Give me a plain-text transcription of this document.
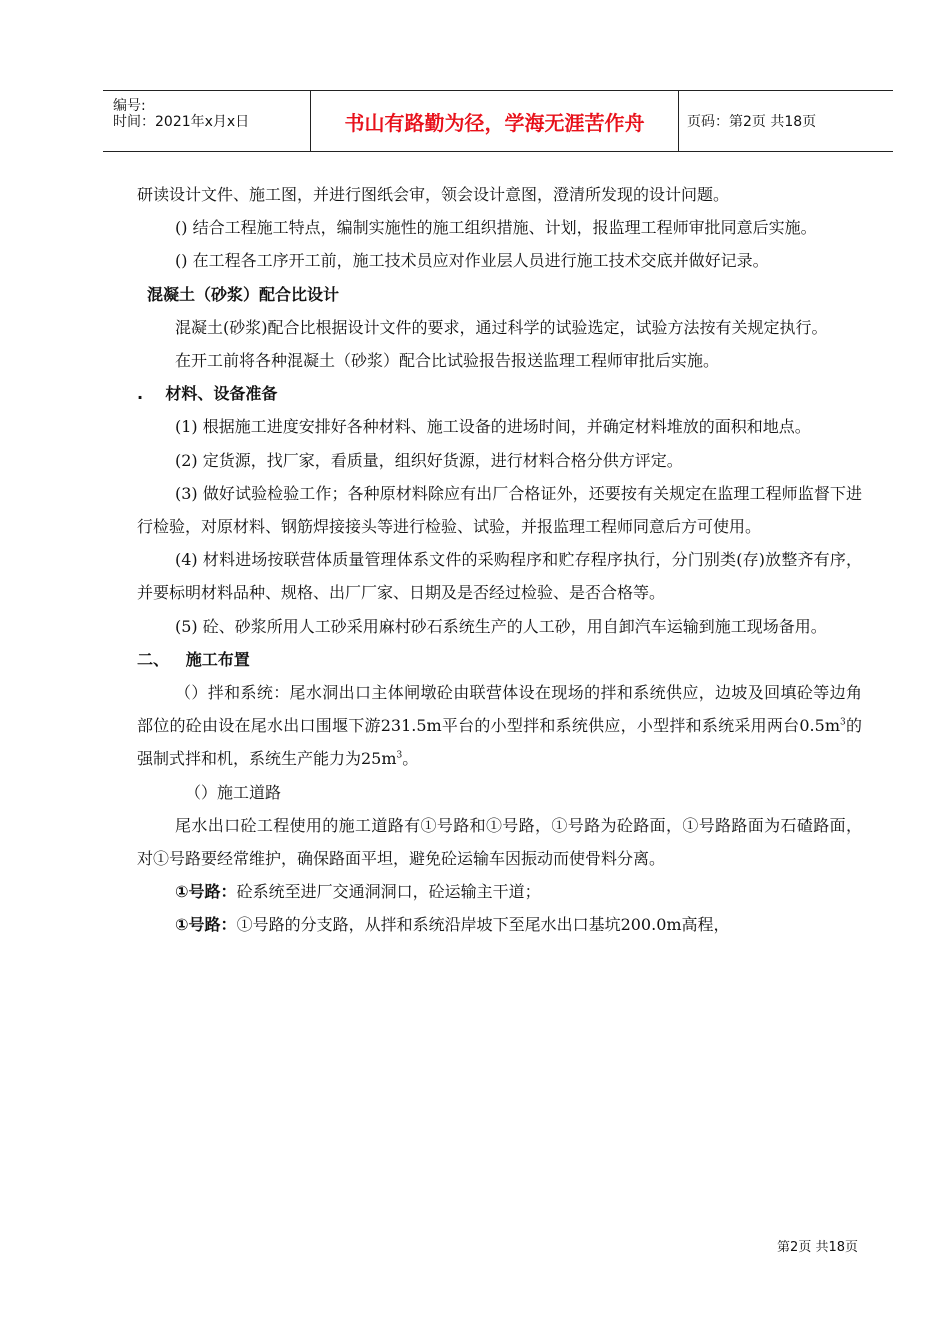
编号:
时间：2021年x月x日	书山有路勤为径，学海无涯苦作舟	页码：第2页 共18页

研读设计文件、施工图，并进行图纸会审，领会设计意图，澄清所发现的设计问题。

() 结合工程施工特点，编制实施性的施工组织措施、计划，报监理工程师审批同意后实施。

() 在工程各工序开工前，施工技术员应对作业层人员进行施工技术交底并做好记录。

混凝土（砂浆）配合比设计

混凝土(砂浆)配合比根据设计文件的要求，通过科学的试验选定，试验方法按有关规定执行。

在开工前将各种混凝土（砂浆）配合比试验报告报送监理工程师审批后实施。

.    材料、设备准备

(1) 根据施工进度安排好各种材料、施工设备的进场时间，并确定材料堆放的面积和地点。

(2) 定货源，找厂家，看质量，组织好货源，进行材料合格分供方评定。

(3) 做好试验检验工作；各种原材料除应有出厂合格证外，还要按有关规定在监理工程师监督下进行检验，对原材料、钢筋焊接接头等进行检验、试验，并报监理工程师同意后方可使用。

(4) 材料进场按联营体质量管理体系文件的采购程序和贮存程序执行，分门别类(存)放整齐有序，并要标明材料品种、规格、出厂厂家、日期及是否经过检验、是否合格等。

(5) 砼、砂浆所用人工砂采用麻村砂石系统生产的人工砂，用自卸汽车运输到施工现场备用。

二、   施工布置

（）拌和系统：尾水洞出口主体闸墩砼由联营体设在现场的拌和系统供应，边坡及回填砼等边角部位的砼由设在尾水出口围堰下游231.5m平台的小型拌和系统供应，小型拌和系统采用两台$0.5m^3$的强制式拌和机，系统生产能力为$25m^3$。

（）施工道路

尾水出口砼工程使用的施工道路有①号路和①号路，①号路为砼路面，①号路路面为石碴路面，对①号路要经常维护，确保路面平坦，避免砼运输车因振动而使骨料分离。

①号路：砼系统至进厂交通洞洞口，砼运输主干道；

①号路：①号路的分支路，从拌和系统沿岸坡下至尾水出口基坑200.0m高程，

第2页 共18页
